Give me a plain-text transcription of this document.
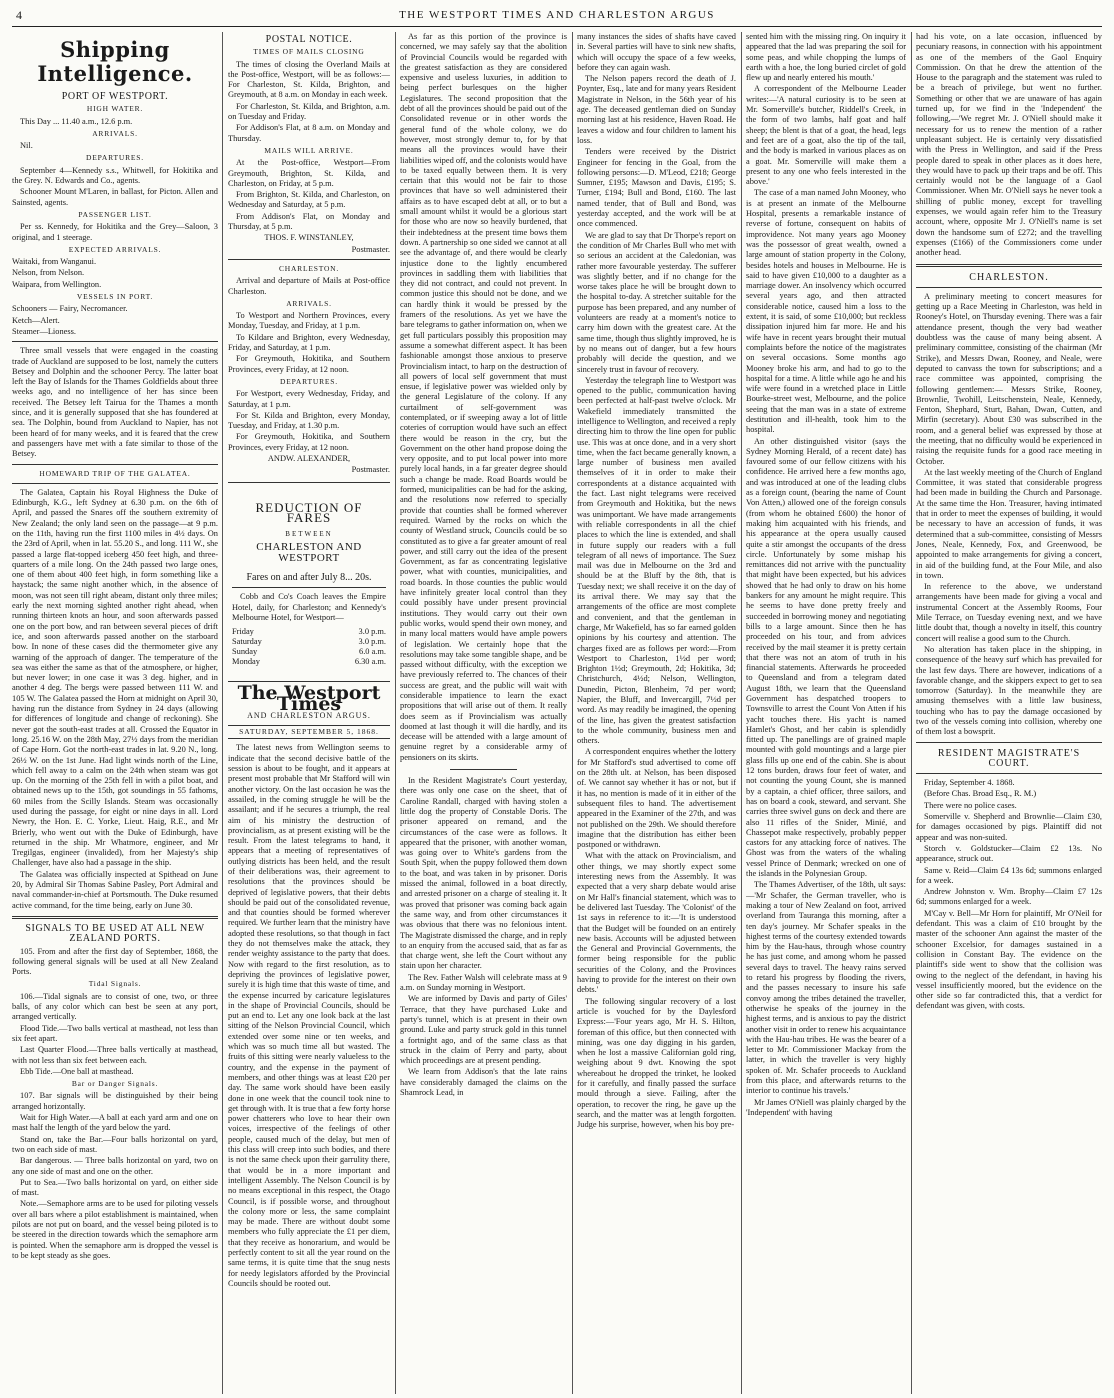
4	THE WESTPORT TIMES AND CHARLESTON ARGUS
Shipping Intelligence.
PORT OF WESTPORT.
HIGH WATER.

This Day ... 11.40 a.m., 12.6 p.m.

ARRIVALS.

Nil.

DEPARTURES.

September 4—Kennedy s.s., Whitwell, for Hokitika and the Grey. N. Edwards and Co., agents.

Schooner Mount M'Laren, in ballast, for Picton. Allen and Sainsted, agents.

PASSENGER LIST.

Per ss. Kennedy, for Hokitika and the Grey—Saloon, 3 original, and 1 steerage.

EXPECTED ARRIVALS.

Waitaki, from Wanganui.

Nelson, from Nelson.

Waipara, from Wellington.

VESSELS IN PORT.

Schooners — Fairy, Necromancer.

Ketch—Alert.

Steamer—Lioness.

Three small vessels that were engaged in the coasting trade of Auckland are supposed to be lost, namely the cutters Betsey and Dolphin and the schooner Percy. The latter boat left the Bay of Islands for the Thames Goldfields about three weeks ago, and no intelligence of her has since been received. The Betsey left Tairua for the Thames a month since, and it is generally supposed that she has foundered at sea. The Dolphin, bound from Auckland to Napier, has not been heard of for many weeks, and it is feared that the crew and passengers have met with a fate similar to those of the Betsey.

HOMEWARD TRIP OF THE GALATEA.

The Galatea, Captain his Royal Highness the Duke of Edinburgh, K.G., left Sydney at 6.30 p.m. on the 6th of April, and passed the Snares off the southern extremity of New Zealand; the only land seen on the passage—at 9 p.m. on the 11th, having run the first 1100 miles in 4½ days. On the 23rd of April, when in lat. 55.20 S., and long. 111 W., she passed a large flat-topped iceberg 450 feet high, and three-quarters of a mile long. On the 24th passed two large ones, one of them about 400 feet high, in form something like a haystack; the same night another which, in the absence of moon, was not seen till right abeam, distant only three miles; early the next morning sighted another right ahead, when running thirteen knots an hour, and soon afterwards passed one on the port bow, and ran between several pieces of drift ice, and soon afterwards passed another on the starboard bow. In none of these cases did the thermometer give any warning of the approach of danger. The temperature of the sea was either the same as that of the atmosphere, or higher, but never lower; in one case it was 3 deg. higher, and in another 4 deg. The bergs were passed between 111 W. and 105 W. The Galatea passed the Horn at midnight on April 30, having run the distance from Sydney in 24 days (allowing for differences of longitude and change of reckoning). She never got the south-east trades at all. Crossed the Equator in long. 25.16 W. on the 28th May, 27½ days from the meridian of Cape Horn. Got the north-east trades in lat. 9.20 N., long. 26½ W. on the 1st June. Had light winds north of the Line, which fell away to a calm on the 24th when steam was got up. On the morning of the 25th fell in with a pilot boat, and obtained news up to the 15th, got soundings in 55 fathoms, 60 miles from the Scilly Islands. Steam was occasionally used during the passage, for eight or nine days in all. Lord Newry, the Hon. E. C. Yorke, Lieut. Haig, R.E., and Mr Brierly, who went out with the Duke of Edinburgh, have returned in the ship. Mr Whatmore, engineer, and Mr Tregilgas, engineer (invalided), from her Majesty's ship Challenger, have also had a passage in the ship.

The Galatea was officially inspected at Spithead on June 20, by Admiral Sir Thomas Sabine Pasley, Port Admiral and naval commander-in-chief at Portsmouth. The Duke resumed active command, for the time being, early on June 30.

SIGNALS TO BE USED AT ALL NEW ZEALAND PORTS.

105. From and after the first day of September, 1868, the following general signals will be used at all New Zealand Ports.

Tidal Signals.

106.—Tidal signals are to consist of one, two, or three balls, of any color which can best be seen at any port, arranged vertically.

Flood Tide.—Two balls vertical at masthead, not less than six feet apart.

Last Quarter Flood.—Three balls vertically at masthead, with not less than six feet between each.

Ebb Tide.—One ball at masthead.

Bar or Danger Signals.

107. Bar signals will be distinguished by their being arranged horizontally.

Wait for High Water.—A ball at each yard arm and one on mast half the length of the yard below the yard.

Stand on, take the Bar.—Four balls horizontal on yard, two on each side of mast.

Bar dangerous. — Three balls horizontal on yard, two on any one side of mast and one on the other.

Put to Sea.—Two balls horizontal on yard, on either side of mast.

Note.—Semaphore arms are to be used for piloting vessels over all bars where a pilot establishment is maintained, when pilots are not put on board, and the vessel being piloted is to be steered in the direction towards which the semaphore arm is pointed. When the semaphore arm is dropped the vessel is to be kept steady as she goes.

POSTAL NOTICE.
TIMES OF MAILS CLOSING

The times of closing the Overland Mails at the Post-office, Westport, will be as follows:—For Charleston, St. Kilda, Brighton, and Greymouth, at 8 a.m. on Monday in each week.

For Charleston, St. Kilda, and Brighton, a.m. on Tuesday and Friday.

For Addison's Flat, at 8 a.m. on Monday and Thursday.

MAILS WILL ARRIVE.

At the Post-office, Westport—From Greymouth, Brighton, St. Kilda, and Charleston, on Friday, at 5 p.m.

From Brighton, St. Kilda, and Charleston, on Wednesday and Saturday, at 5 p.m.

From Addison's Flat, on Monday and Thursday, at 5 p.m.

THOS. F. WINSTANLEY,

Postmaster.

CHARLESTON.

Arrival and departure of Mails at Post-office Charleston.

ARRIVALS.

To Westport and Northern Provinces, every Monday, Tuesday, and Friday, at 1 p.m.

To Kildare and Brighton, every Wednesday, Friday, and Saturday, at 1 p.m.

For Greymouth, Hokitika, and Southern Provinces, every Friday, at 12 noon.

DEPARTURES.

For Westport, every Wednesday, Friday, and Saturday, at 1 p.m.

For St. Kilda and Brighton, every Monday, Tuesday, and Friday, at 1.30 p.m.

For Greymouth, Hokitika, and Southern Provinces, every Friday, at 12 noon.

ANDW. ALEXANDER,

Postmaster.

REDUCTION OF FARES
BETWEEN
CHARLESTON AND WESTPORT

Fares on and after July 8... 20s.

Cobb and Co's Coach leaves the Empire Hotel, daily, for Charleston; and Kennedy's Melbourne Hotel, for Westport—

Friday	3.0 p.m.
Saturday	3.0 p.m.
Sunday	6.0 a.m.
Monday	6.30 a.m.
The Westport Times
AND CHARLESTON ARGUS.
SATURDAY, SEPTEMBER 5, 1868.

The latest news from Wellington seems to indicate that the second decisive battle of the session is about to be fought, and it appears at present most probable that Mr Stafford will win another victory. On the last occasion he was the assailed, in the coming struggle he will be the assailant; and if he secures a triumph, the real aim of his ministry the destruction of provincialism, as at present existing will be the result. From the latest telegrams to hand, it appears that a meeting of representatives of outlying districts has been held, and the result of their deliberations was, their agreement to resolutions that the provinces should be deprived of legislative powers, that their debts should be paid out of the consolidated revenue, and that counties should be formed wherever required. We further learn that the ministry have adopted these resolutions, so that though in fact they do not themselves make the attack, they render weighty assistance to the party that does. Now with regard to the first resolution, as to depriving the provinces of legislative power, surely it is high time that this waste of time, and the expense incurred by caricature legislatures in the shape of Provincial Councils, should be put an end to. Let any one look back at the last sitting of the Nelson Provincial Council, which extended over some nine or ten weeks, and which was so much time all but wasted. The fruits of this sitting were nearly valueless to the country, and the expense in the payment of members, and other things was at least £20 per day. The same work should have been easily done in one week that the council took nine to get through with. It is true that a few forty horse power chatterers who love to hear their own voices, irrespective of the feelings of other people, caused much of the delay, but men of this class will creep into such bodies, and there is not the same check upon their garrulity there, that would be in a more important and intelligent Assembly. The Nelson Council is by no means exceptional in this respect, the Otago Council, is if possible worse, and throughout the colony more or less, the same complaint may be made. There are without doubt some members who fully appreciate the £1 per diem, that they receive as honorarium, and would be perfectly content to sit all the year round on the same terms, it is quite time that the snug nests for needy legislators afforded by the Provincial Councils should be rooted out.

As far as this portion of the province is concerned, we may safely say that the abolition of Provincial Councils would be regarded with the greatest satisfaction as they are considered expensive and useless luxuries, in addition to being perfect burlesques on the higher Legislatures. The second proposition that the debt of all the provinces should be paid out of the Consolidated revenue or in other words the general fund of the whole colony, we do however, most strongly demur to, for by that means all the provinces would have their liabilities wiped off, and the colonists would have to be taxed equally between them. It is very certain that this would not be fair to those provinces that have so well administered their affairs as to have escaped debt at all, or to but a small amount whilst it would be a glorious start for those who are now so heavily burdened, that their indebtedness at the present time bows them down. A partnership so one sided we cannot at all see the advantage of, and there would be clearly injustice done to the lightly encumbered provinces in saddling them with liabilities that they did not contract, and could not prevent. In common justice this should not be done, and we can hardly think it would be pressed by the framers of the resolutions. As yet we have the bare telegrams to gather information on, when we get full particulars possibly this proposition may assume a somewhat different aspect. It has been fashionable amongst those anxious to preserve Provincialism intact, to harp on the destruction of all powers of local self government that must ensue, if legislative power was wielded only by the general Legislature of the colony. If any curtailment of self-government was contemplated, or if sweeping away a lot of little coteries of corruption would have such an effect there would be reason in the cry, but the Government on the other hand propose doing the very opposite, and to put local power into more purely local hands, in a far greater degree should such a change be made. Road Boards would be formed, municipalities can be had for the asking, and the resolutions now referred to specially provide that counties shall be formed wherever required. Warned by the rocks on which the county of Westland struck, Councils could be so constituted as to give a far greater amount of real power, and still carry out the idea of the present Government, as far as concentrating legislative power, what with counties, municipalities, and road boards. In those counties the public would have infinitely greater local control than they could possibly have under present provincial institutions. They would carry out their own public works, would spend their own money, and in many local matters would have ample powers of legislation. We certainly hope that the resolutions may take some tangible shape, and be passed without difficulty, with the exception we have previously referred to. The chances of their success are great, and the public will wait with considerable impatience to learn the exact propositions that will arise out of them. It really does seem as if Provincialism was actually doomed at last though it will die hardly, and its decease will be attended with a large amount of genuine regret by a considerable army of pensioners on its skirts.

In the Resident Magistrate's Court yesterday, there was only one case on the sheet, that of Caroline Randall, charged with having stolen a little dog the property of Constable Doris. The prisoner appeared on remand, and the circumstances of the case were as follows. It appeared that the prisoner, with another woman, was going over to White's gardens from the South Spit, when the puppy followed them down to the boat, and was taken in by prisoner. Doris missed the animal, followed in a boat directly, and arrested prisoner on a charge of stealing it. It was proved that prisoner was coming back again the same way, and from other circumstances it was obvious that there was no felonious intent. The Magistrate dismissed the charge, and in reply to an enquiry from the accused said, that as far as that charge went, she left the Court without any stain upon her character.

The Rev. Father Walsh will celebrate mass at 9 a.m. on Sunday morning in Westport.

We are informed by Davis and party of Giles' Terrace, that they have purchased Luke and party's tunnel, which is at present in their own ground. Luke and party struck gold in this tunnel a fortnight ago, and of the same class as that struck in the claim of Perry and party, about which proceedings are at present pending.

We learn from Addison's that the late rains have considerably damaged the claims on the Shamrock Lead, in

many instances the sides of shafts have caved in. Several parties will have to sink new shafts, which will occupy the space of a few weeks, before they can again wash.

The Nelson papers record the death of J. Poynter, Esq., late and for many years Resident Magistrate in Nelson, in the 56th year of his age. The deceased gentleman died on Sunday morning last at his residence, Haven Road. He leaves a widow and four children to lament his loss.

Tenders were received by the District Engineer for fencing in the Goal, from the following persons:—D. M'Leod, £218; George Sumner, £195; Mawson and Davis, £195; S. Turner, £194; Bull and Bond, £160. The last named tender, that of Bull and Bond, was yesterday accepted, and the work will be at once commenced.

We are glad to say that Dr Thorpe's report on the condition of Mr Charles Bull who met with so serious an accident at the Caledonian, was rather more favourable yesterday. The sufferer was slightly better, and if no change for the worse takes place he will be brought down to the hospital to-day. A stretcher suitable for the purpose has been prepared, and any number of volunteers are ready at a moment's notice to carry him down with the greatest care. At the same time, though thus slightly improved, he is by no means out of danger, but a few hours probably will decide the question, and we sincerely trust in favour of recovery.

Yesterday the telegraph line to Westport was opened to the public, communication having been perfected at half-past twelve o'clock. Mr Wakefield immediately transmitted the intelligence to Wellington, and received a reply directing him to throw the line open for public use. This was at once done, and in a very short time, when the fact became generally known, a large number of business men availed themselves of it in order to make their correspondents at a distance acquainted with the fact. Last night telegrams were received from Greymouth and Hokitika, but the news was unimportant. We have made arrangements with reliable correspondents in all the chief places to which the line is extended, and shall in future supply our readers with a full telegram of all news of importance. The Suez mail was due in Melbourne on the 3rd and should be at the Bluff by the 8th, that is Tuesday next; we shall receive it on the day of its arrival there. We may say that the arrangements of the office are most complete and convenient, and that the gentleman in charge, Mr Wakefield, has so far earned golden opinions by his courtesy and attention. The charges fixed are as follows per word:—From Westport to Charleston, 1½d per word; Brighton 1½d; Greymouth, 2d; Hokitika, 3d; Christchurch, 4½d; Nelson, Wellington, Dunedin, Picton, Blenheim, 7d per word; Napier, the Bluff, and Invercargill, 7½d per word. As may readily be imagined, the opening of the line, has given the greatest satisfaction to the whole community, business men and others.

A correspondent enquires whether the lottery for Mr Stafford's stud advertised to come off on the 28th ult. at Nelson, has been disposed of. We cannot say whether it has or not, but if it has, no mention is made of it in either of the subsequent files to hand. The advertisement appeared in the Examiner of the 27th, and was not published on the 29th. We should therefore imagine that the distribution has either been postponed or withdrawn.

What with the attack on Provincialism, and other things, we may shortly expect some interesting news from the Assembly. It was expected that a very sharp debate would arise on Mr Hall's financial statement, which was to be delivered last Tuesday. The 'Colonist' of the 1st says in reference to it:—'It is understood that the Budget will be founded on an entirely new basis. Accounts will be adjusted between the General and Provincial Governments, the former being responsible for the public securities of the Colony, and the Provinces having to provide for the interest on their own debts.'

The following singular recovery of a lost article is vouched for by the Daylesford Express:—'Four years ago, Mr H. S. Hilton, foreman of this office, but then connected with mining, was one day digging in his garden, when he lost a massive Californian gold ring, weighing about 9 dwt. Knowing the spot whereabout he dropped the trinket, he looked for it carefully, and finally passed the surface mould through a sieve. Failing, after the operation, to recover the ring, he gave up the search, and the matter was at length forgotten. Judge his surprise, however, when his boy pre-

sented him with the missing ring. On inquiry it appeared that the lad was preparing the soil for some peas, and while chopping the lumps of earth with a hoe, the long buried circlet of gold flew up and nearly entered his mouth.'

A correspondent of the Melbourne Leader writes:—'A natural curiosity is to be seen at Mr. Somerville's butcher, Riddell's Creek, in the form of two lambs, half goat and half sheep; the blent is that of a goat, the head, legs and feet are of a goat, also the tip of the tail, and the body is marked in various places as on a goat. Mr. Somerville will make them a present to any one who feels interested in the above.'

The case of a man named John Mooney, who is at present an inmate of the Melbourne Hospital, presents a remarkable instance of reverse of fortune, consequent on habits of improvidence. Not many years ago Mooney was the possessor of great wealth, owned a large amount of station property in the Colony, besides hotels and houses in Melbourne. He is said to have given £10,000 to a daughter as a marriage dower. An insolvency which occurred several years ago, and then attracted considerable notice, caused him a loss to the extent, it is said, of some £10,000; but reckless dissipation injured him far more. He and his wife have in recent years brought their mutual complaints before the notice of the magistrates on several occasions. Some months ago Mooney broke his arm, and had to go to the hospital for a time. A little while ago he and his wife were found in a wretched place in Little Bourke-street west, Melbourne, and the police seeing that the man was in a state of extreme destitution and ill-health, took him to the hospital.

An other distinguished visitor (says the Sydney Morning Herald, of a recent date) has favoured some of our fellow citizens with his confidence. He arrived here a few months ago, and was introduced at one of the leading clubs as a foreign count, (bearing the name of Count Von Atten,) allowed one of the foreign consuls (from whom he obtained £600) the honor of making him acquainted with his friends, and his appearance at the opera usually caused quite a stir amongst the occupants of the dress circle. Unfortunately by some mishap his remittances did not arrive with the punctuality that might have been expected, but his advices showed that he had only to draw on his home bankers for any amount he might require. This he seems to have done pretty freely and succeeded in borrowing money and negotiating bills to a large amount. Since then he has proceeded on his tour, and from advices received by the mail steamer it is pretty certain that there was not an atom of truth in his financial statements. Afterwards he proceeded to Queensland and from a telegram dated August 18th, we learn that the Queensland Government has despatched troopers to Townsville to arrest the Count Von Atten if his yacht touches there. His yacht is named Hamlet's Ghost, and her cabin is splendidly fitted up. The panellings are of grained maple mounted with gold mountings and a large pier glass fills up one end of the cabin. She is about 12 tons burden, draws four feet of water, and not counting the young Count, she is manned by a captain, a chief officer, three sailors, and has on board a cook, steward, and servant. She carries three swivel guns on deck and there are also 11 rifles of the Snider, Minié, and Chassepot make respectively, probably pepper castors for any attacking force of natives. The Ghost was from the waters of the whaling vessel Prince of Denmark; wrecked on one of the islands in the Polynesian Group.

The Thames Advertiser, of the 18th, ult says:—'Mr Schafer, the German traveller, who is making a tour of New Zealand on foot, arrived overland from Tauranga this morning, after a ten day's journey. Mr Schafer speaks in the highest terms of the courtesy extended towards him by the Hau-haus, through whose country he has just come, and among whom he passed several days to travel. The heavy rains served to retard his progress by flooding the rivers, and the passes necessary to insure his safe convoy among the tribes detained the traveller, otherwise he speaks of the journey in the highest terms, and is anxious to pay the district another visit in order to renew his acquaintance with the Hau-hau tribes. He was the bearer of a letter to Mr. Commissioner Mackay from the latter, in which the traveller is very highly spoken of. Mr. Schafer proceeds to Auckland from this place, and afterwards returns to the interior to continue his travels.'

Mr James O'Niell was plainly charged by the 'Independent' with having

had his vote, on a late occasion, influenced by pecuniary reasons, in connection with his appointment as one of the members of the Gaol Enquiry Commission. On that he drew the attention of the House to the paragraph and the statement was ruled to be a breach of privilege, but went no further. Something or other that we are unaware of has again turned up, for we find in the 'Independent' the following,—'We regret Mr. J. O'Niell should make it necessary for us to renew the mention of a rather unpleasant subject. He is certainly very dissatisfied with the Press in Wellington, and said if the Press people dared to speak in other places as it does here, they would have to pack up their traps and be off. This certainly would not be the language of a Gaol Commissioner. When Mr. O'Niell says he never took a shilling of public money, except for travelling expenses, we would again refer him to the Treasury account, where, opposite Mr J. O'Niell's name is set down the handsome sum of £272; and the travelling expenses (£166) of the Commissioners come under another head.

CHARLESTON.

A preliminary meeting to concert measures for getting up a Race Meeting in Charleston, was held in Rooney's Hotel, on Thursday evening. There was a fair attendance present, though the very bad weather doubtless was the cause of many being absent. A preliminary committee, consisting of the chairman (Mr Strike), and Messrs Dwan, Rooney, and Neale, were deputed to canvass the town for subscriptions; and a race committee was appointed, comprising the following gentlemen:— Messrs Strike, Rooney, Brownlie, Twohill, Leitschenstein, Neale, Kennedy, Fenton, Shephard, Sturt, Bahan, Dwan, Cutten, and Mirfin (secretary). About £30 was subscribed in the room, and a general belief was expressed by those at the meeting, that no difficulty would be experienced in raising the requisite funds for a good race meeting in October.

At the last weekly meeting of the Church of England Committee, it was stated that considerable progress had been made in building the Church and Parsonage. At the same time the Hon. Treasurer, having intimated that in order to meet the expenses of building, it would be necessary to have an accession of funds, it was determined that a sub-committee, consisting of Messrs Jones, Neale, Kennedy, Fox, and Greenwood, be appointed to make arrangements for giving a concert, in aid of the building fund, at the Four Mile, and also in town.

In reference to the above, we understand arrangements have been made for giving a vocal and instrumental Concert at the Assembly Rooms, Four Mile Terrace, on Tuesday evening next, and we have little doubt that, though a novelty in itself, this country concert will realise a good sum to the Church.

No alteration has taken place in the shipping, in consequence of the heavy surf which has prevailed for the last few days. There are however, indications of a favorable change, and the skippers expect to get to sea tomorrow (Saturday). In the meanwhile they are amusing themselves with a little law business, touching who has to pay the damage occasioned by two of the vessels coming into collision, whereby one of them lost a bowsprit.

RESIDENT MAGISTRATE'S COURT.

Friday, September 4. 1868.

(Before Chas. Broad Esq., R. M.)

There were no police cases.

Somerville v. Shepherd and Brownlie—Claim £30, for damages occasioned by pigs. Plaintiff did not appear and was non-suited.

Storch v. Goldstucker—Claim £2 13s. No appearance, struck out.

Same v. Reid—Claim £4 13s 6d; summons enlarged for a week.

Andrew Johnston v. Wm. Brophy—Claim £7 12s 6d; summons enlarged for a week.

M'Cay v. Bell—Mr Horn for plaintiff, Mr O'Neil for defendant. This was a claim of £10 brought by the master of the schooner Ann against the master of the schooner Excelsior, for damages sustained in a collision in Constant Bay. The evidence on the plaintiff's side went to show that the collision was owing to the neglect of the defendant, in having his vessel insufficiently moored, but the evidence on the other side so far contradicted this, that a verdict for defendant was given, with costs.
